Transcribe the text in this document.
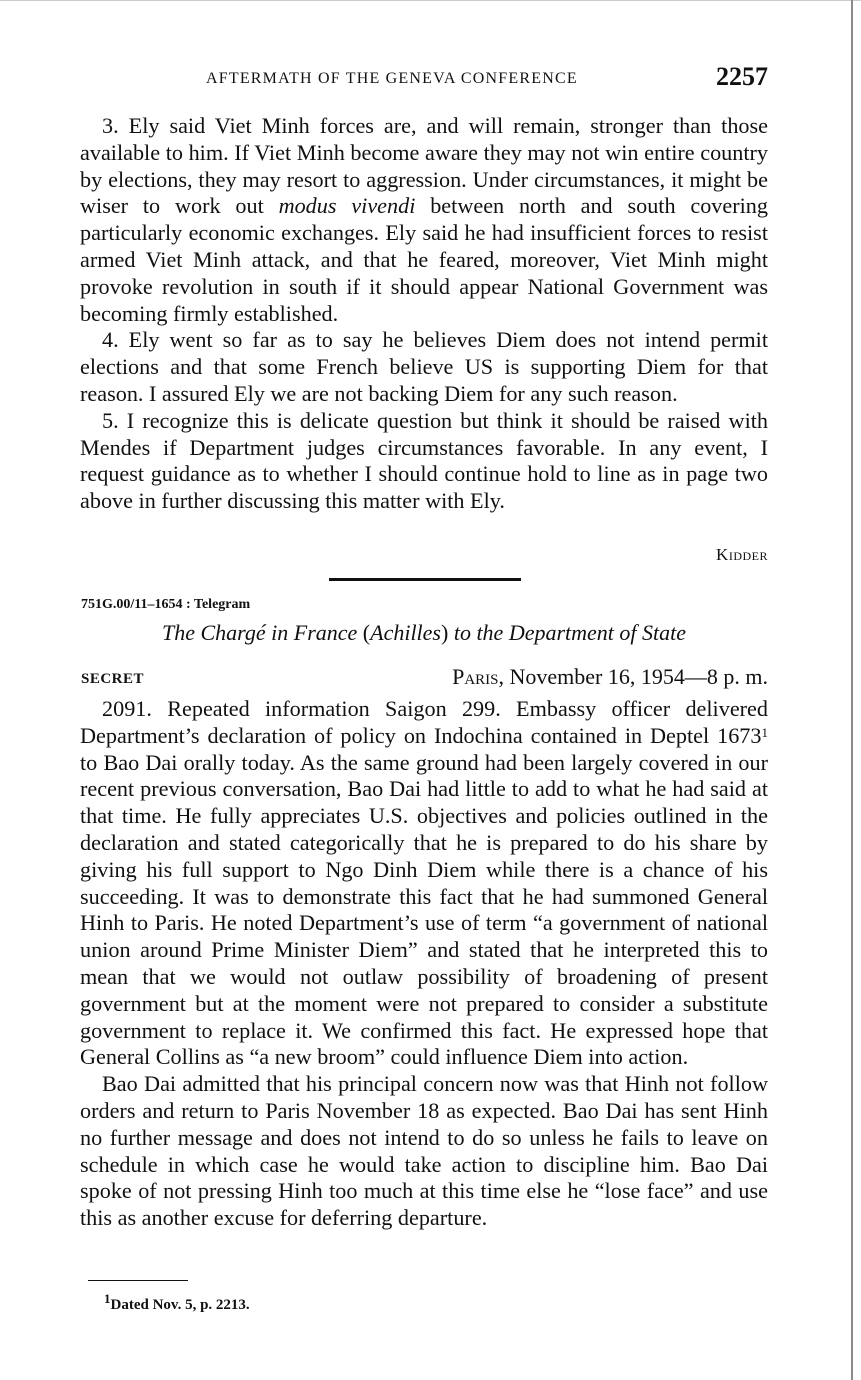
AFTERMATH OF THE GENEVA CONFERENCE	2257

3. Ely said Viet Minh forces are, and will remain, stronger than those available to him. If Viet Minh become aware they may not win entire country by elections, they may resort to aggression. Under circumstances, it might be wiser to work out modus vivendi between north and south covering particularly economic exchanges. Ely said he had insufficient forces to resist armed Viet Minh attack, and that he feared, moreover, Viet Minh might provoke revolution in south if it should appear National Government was becoming firmly established.

4. Ely went so far as to say he believes Diem does not intend permit elections and that some French believe US is supporting Diem for that reason. I assured Ely we are not backing Diem for any such reason.

5. I recognize this is delicate question but think it should be raised with Mendes if Department judges circumstances favorable. In any event, I request guidance as to whether I should continue hold to line as in page two above in further discussing this matter with Ely.

Kidder
751G.00/11–1654 : Telegram
The Chargé in France (Achilles) to the Department of State
SECRET	Paris, November 16, 1954—8 p. m.

2091. Repeated information Saigon 299. Embassy officer delivered Department’s declaration of policy on Indochina contained in Deptel 1673$^1$ to Bao Dai orally today. As the same ground had been largely covered in our recent previous conversation, Bao Dai had little to add to what he had said at that time. He fully appreciates U.S. objectives and policies outlined in the declaration and stated categorically that he is prepared to do his share by giving his full support to Ngo Dinh Diem while there is a chance of his succeeding. It was to demonstrate this fact that he had summoned General Hinh to Paris. He noted Department’s use of term “a government of national union around Prime Minister Diem” and stated that he interpreted this to mean that we would not outlaw possibility of broadening of present government but at the moment were not prepared to consider a substitute government to replace it. We confirmed this fact. He expressed hope that General Collins as “a new broom” could influence Diem into action.

Bao Dai admitted that his principal concern now was that Hinh not follow orders and return to Paris November 18 as expected. Bao Dai has sent Hinh no further message and does not intend to do so unless he fails to leave on schedule in which case he would take action to discipline him. Bao Dai spoke of not pressing Hinh too much at this time else he “lose face” and use this as another excuse for deferring departure.

$^1$Dated Nov. 5, p. 2213.
